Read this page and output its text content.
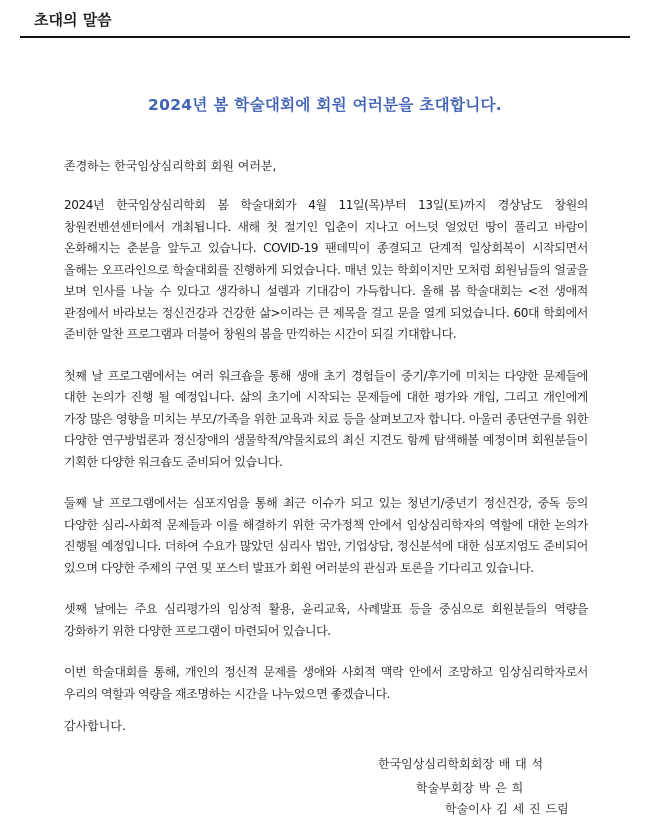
초대의 말씀
2024년 봄 학술대회에 회원 여러분을 초대합니다.

존경하는 한국임상심리학회 회원 여러분,

2024년 한국임상심리학회 봄 학술대회가 4월 11일(목)부터 13일(토)까지 경상남도 창원의 창원컨벤션센터에서 개최됩니다. 새해 첫 절기인 입춘이 지나고 어느덧 얼었던 땅이 풀리고 바람이 온화해지는 춘분을 앞두고 있습니다. COVID-19 팬데믹이 종결되고 단계적 일상회복이 시작되면서 올해는 오프라인으로 학술대회를 진행하게 되었습니다. 매년 있는 학회이지만 모처럼 회원님들의 얼굴을 보며 인사를 나눌 수 있다고 생각하니 설렘과 기대감이 가득합니다. 올해 봄 학술대회는 <전 생애적 관점에서 바라보는 정신건강과 건강한 삶>이라는 큰 제목을 걸고 문을 열게 되었습니다. 60대 학회에서 준비한 알찬 프로그램과 더불어 창원의 봄을 만끽하는 시간이 되길 기대합니다.

첫째 날 프로그램에서는 여러 워크숍을 통해 생애 초기 경험들이 중기/후기에 미치는 다양한 문제들에 대한 논의가 진행 될 예정입니다. 삶의 초기에 시작되는 문제들에 대한 평가와 개입, 그리고 개인에게 가장 많은 영향을 미치는 부모/가족을 위한 교육과 치료 등을 살펴보고자 합니다. 아울러 종단연구를 위한 다양한 연구방법론과 정신장애의 생물학적/약물치료의 최신 지견도 함께 탐색해볼 예정이며 회원분들이 기획한 다양한 워크숍도 준비되어 있습니다.

둘째 날 프로그램에서는 심포지엄을 통해 최근 이슈가 되고 있는 청년기/중년기 정신건강, 중독 등의 다양한 심리-사회적 문제들과 이를 해결하기 위한 국가정책 안에서 임상심리학자의 역할에 대한 논의가 진행될 예정입니다. 더하여 수요가 많았던 심리사 법안, 기업상담, 정신분석에 대한 심포지엄도 준비되어 있으며 다양한 주제의 구연 및 포스터 발표가 회원 여러분의 관심과 토론을 기다리고 있습니다.

셋째 날에는 주요 심리평가의 임상적 활용, 윤리교육, 사례발표 등을 중심으로 회원분들의 역량을 강화하기 위한 다양한 프로그램이 마련되어 있습니다.

이번 학술대회를 통해, 개인의 정신적 문제를 생애와 사회적 맥락 안에서 조망하고 임상심리학자로서 우리의 역할과 역량을 재조명하는 시간을 나누었으면 좋겠습니다.

감사합니다.

한국임상심리학회회장 배 대 석
학술부회장 박 은 희
학술이사 김 세 진 드림
